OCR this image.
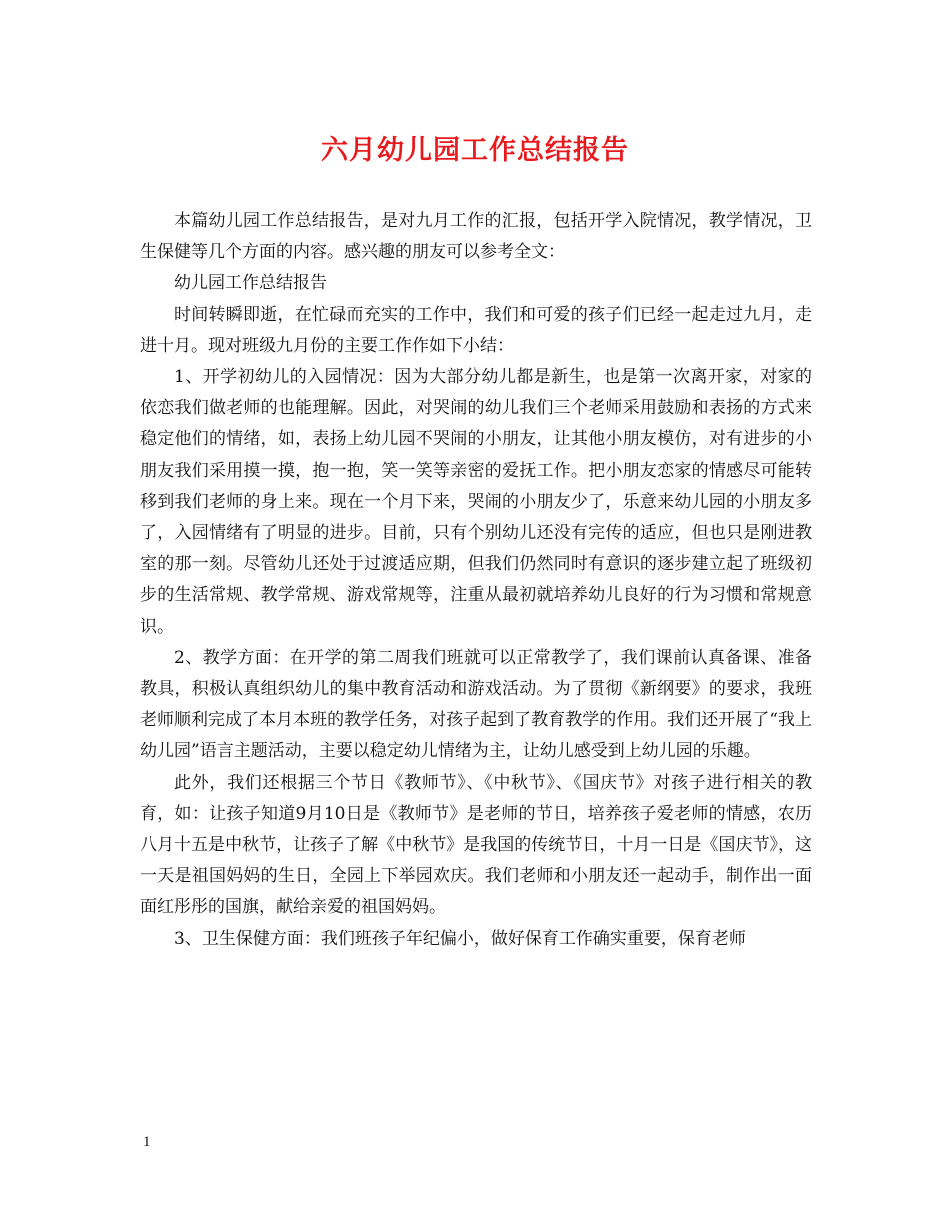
六月幼儿园工作总结报告

本篇幼儿园工作总结报告，是对九月工作的汇报，包括开学入院情况，教学情况，卫生保健等几个方面的内容。感兴趣的朋友可以参考全文：

幼儿园工作总结报告

时间转瞬即逝，在忙碌而充实的工作中，我们和可爱的孩子们已经一起走过九月，走进十月。现对班级九月份的主要工作作如下小结：

1、开学初幼儿的入园情况：因为大部分幼儿都是新生，也是第一次离开家，对家的依恋我们做老师的也能理解。因此，对哭闹的幼儿我们三个老师采用鼓励和表扬的方式来稳定他们的情绪，如，表扬上幼儿园不哭闹的小朋友，让其他小朋友模仿，对有进步的小朋友我们采用摸一摸，抱一抱，笑一笑等亲密的爱抚工作。把小朋友恋家的情感尽可能转移到我们老师的身上来。现在一个月下来，哭闹的小朋友少了，乐意来幼儿园的小朋友多了，入园情绪有了明显的进步。目前，只有个别幼儿还没有完传的适应，但也只是刚进教室的那一刻。尽管幼儿还处于过渡适应期，但我们仍然同时有意识的逐步建立起了班级初步的生活常规、教学常规、游戏常规等，注重从最初就培养幼儿良好的行为习惯和常规意识。

2、教学方面：在开学的第二周我们班就可以正常教学了，我们课前认真备课、准备教具，积极认真组织幼儿的集中教育活动和游戏活动。为了贯彻《新纲要》的要求，我班老师顺利完成了本月本班的教学任务，对孩子起到了教育教学的作用。我们还开展了“我上幼儿园”语言主题活动，主要以稳定幼儿情绪为主，让幼儿感受到上幼儿园的乐趣。

此外，我们还根据三个节日《教师节》、《中秋节》、《国庆节》对孩子进行相关的教育，如：让孩子知道9月10日是《教师节》是老师的节日，培养孩子爱老师的情感，农历八月十五是中秋节，让孩子了解《中秋节》是我国的传统节日，十月一日是《国庆节》，这一天是祖国妈妈的生日，全园上下举园欢庆。我们老师和小朋友还一起动手，制作出一面面红彤彤的国旗，献给亲爱的祖国妈妈。

3、卫生保健方面：我们班孩子年纪偏小，做好保育工作确实重要，保育老师

1
